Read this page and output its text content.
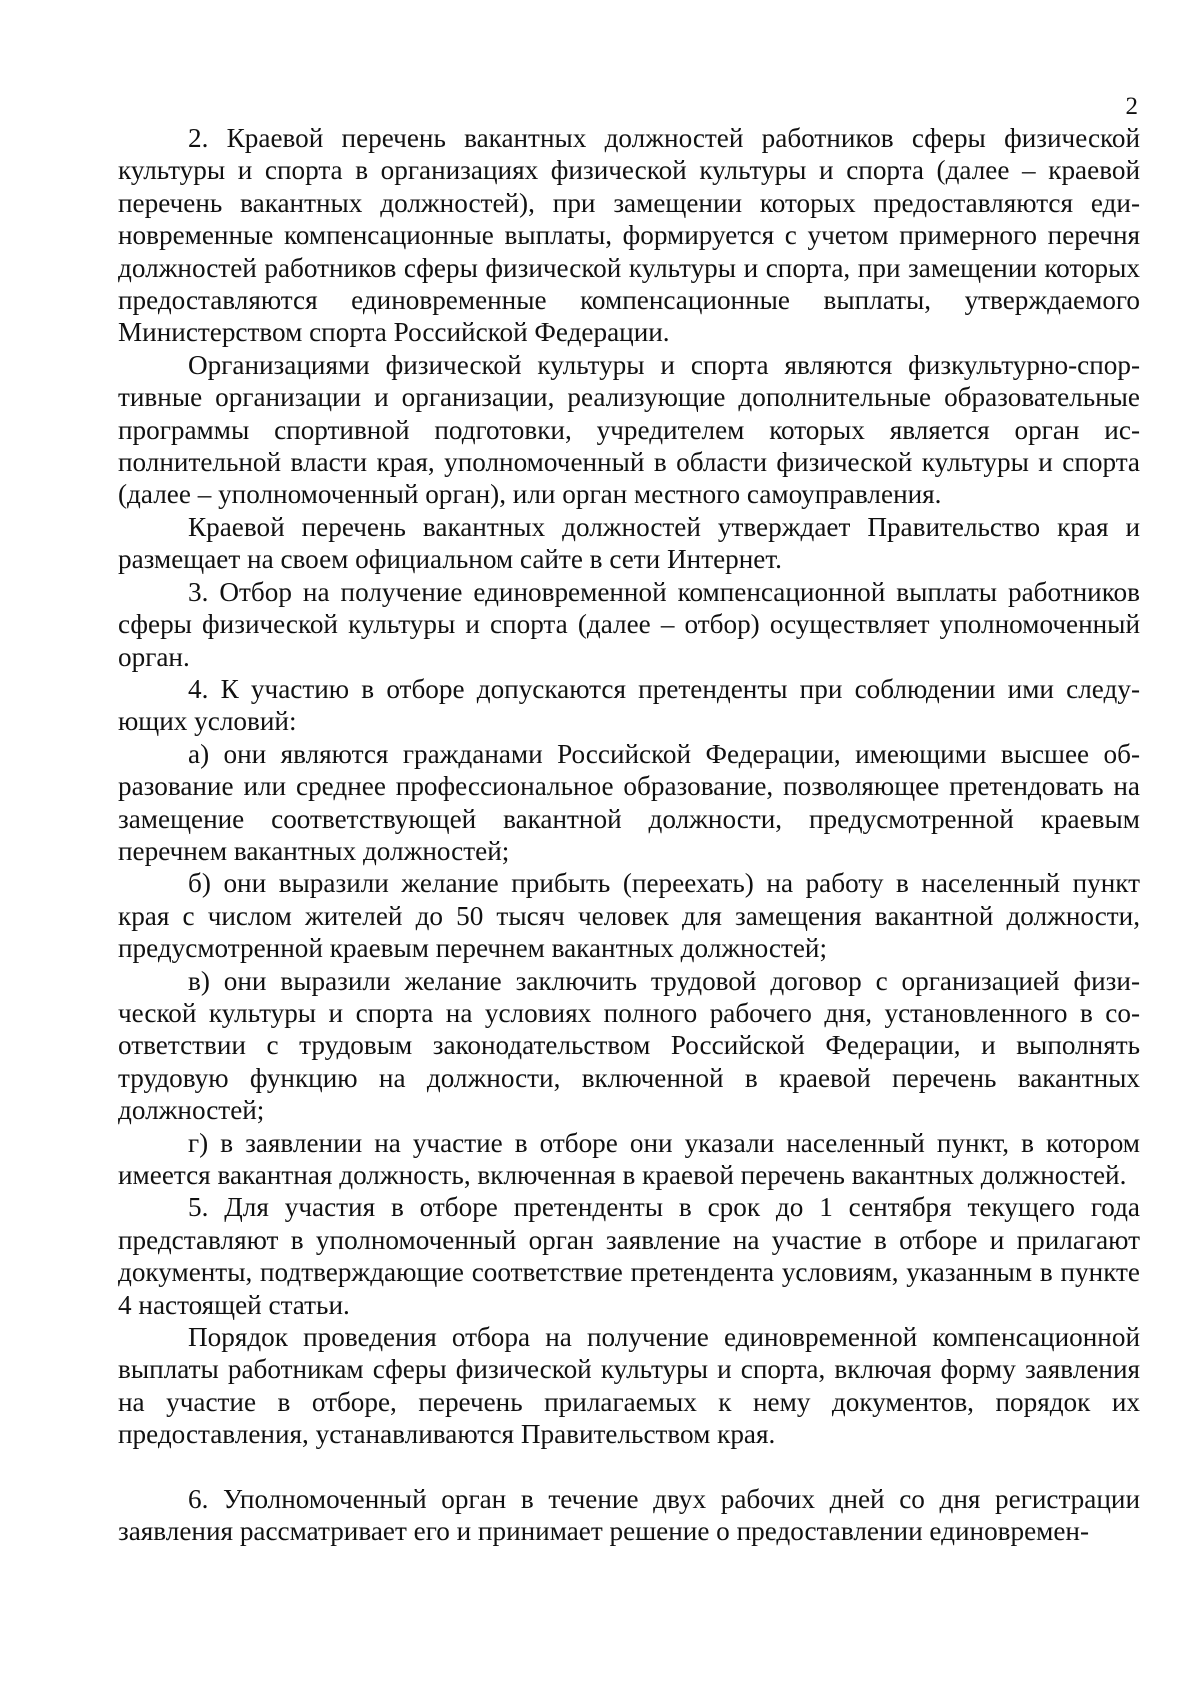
2

2. Краевой перечень вакантных должностей работников сферы физической культуры и спорта в организациях физической культуры и спорта (далее – краевой перечень вакантных должностей), при замещении которых предоставляются единовременные компенсационные выплаты, формируется с учетом примерного перечня должностей работников сферы физической культуры и спорта, при замещении которых предоставляются единовременные компенсационные выплаты, утверждаемого Министерством спорта Российской Федерации.

Организациями физической культуры и спорта являются физкультурно-спортивные организации и организации, реализующие дополнительные образовательные программы спортивной подготовки, учредителем которых является орган исполнительной власти края, уполномоченный в области физической культуры и спорта (далее – уполномоченный орган), или орган местного самоуправления.

Краевой перечень вакантных должностей утверждает Правительство края и размещает на своем официальном сайте в сети Интернет.

3. Отбор на получение единовременной компенсационной выплаты работников сферы физической культуры и спорта (далее – отбор) осуществляет уполномоченный орган.

4. К участию в отборе допускаются претенденты при соблюдении ими следующих условий:

а) они являются гражданами Российской Федерации, имеющими высшее образование или среднее профессиональное образование, позволяющее претендовать на замещение соответствующей вакантной должности, предусмотренной краевым перечнем вакантных должностей;

б) они выразили желание прибыть (переехать) на работу в населенный пункт края с числом жителей до 50 тысяч человек для замещения вакантной должности, предусмотренной краевым перечнем вакантных должностей;

в) они выразили желание заключить трудовой договор с организацией физической культуры и спорта на условиях полного рабочего дня, установленного в соответствии с трудовым законодательством Российской Федерации, и выполнять трудовую функцию на должности, включенной в краевой перечень вакантных должностей;

г) в заявлении на участие в отборе они указали населенный пункт, в котором имеется вакантная должность, включенная в краевой перечень вакантных должностей.

5. Для участия в отборе претенденты в срок до 1 сентября текущего года представляют в уполномоченный орган заявление на участие в отборе и прилагают документы, подтверждающие соответствие претендента условиям, указанным в пункте 4 настоящей статьи.

Порядок проведения отбора на получение единовременной компенсационной выплаты работникам сферы физической культуры и спорта, включая форму заявления на участие в отборе, перечень прилагаемых к нему документов, порядок их предоставления, устанавливаются Правительством края.

6. Уполномоченный орган в течение двух рабочих дней со дня регистрации заявления рассматривает его и принимает решение о предоставлении единовремен-
